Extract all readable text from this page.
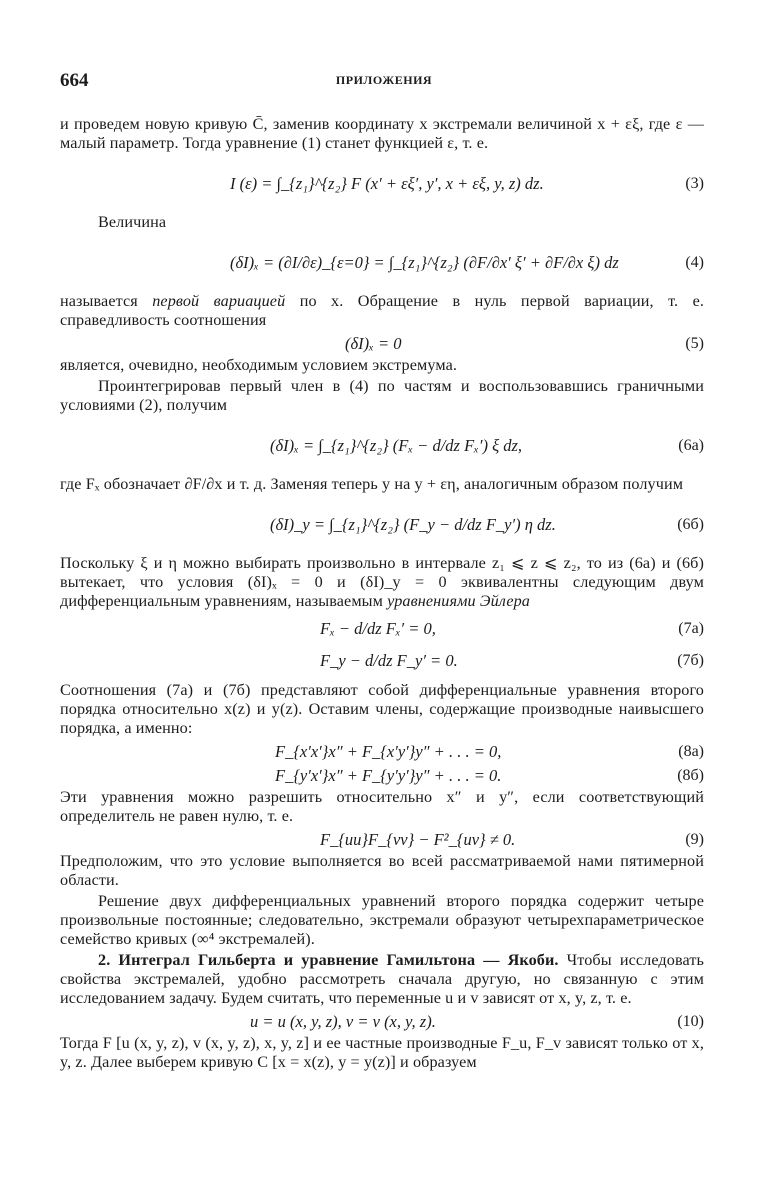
664	ПРИЛОЖЕНИЯ

и проведем новую кривую C̄, заменив координату x экстремали величиной x + εξ, где ε — малый параметр. Тогда уравнение (1) станет функцией ε, т. е.

I (ε) = ∫_{z₁}^{z₂} F (x′ + εξ′, y′, x + εξ, y, z) dz.	(3)

Величина

(δI)ₓ = (∂I/∂ε)_{ε=0} = ∫_{z₁}^{z₂} (∂F/∂x′ ξ′ + ∂F/∂x ξ) dz	(4)

называется первой вариацией по x. Обращение в нуль первой вариации, т. е. справедливость соотношения

(δI)ₓ = 0	(5)

является, очевидно, необходимым условием экстремума.

Проинтегрировав первый член в (4) по частям и воспользовавшись граничными условиями (2), получим

(δI)ₓ = ∫_{z₁}^{z₂} (Fₓ − d/dz Fₓ′) ξ dz,	(6a)

где Fₓ обозначает ∂F/∂x и т. д. Заменяя теперь y на y + εη, аналогичным образом получим

(δI)_y = ∫_{z₁}^{z₂} (F_y − d/dz F_y′) η dz.	(6б)

Поскольку ξ и η можно выбирать произвольно в интервале z₁ ⩽ z ⩽ z₂, то из (6a) и (6б) вытекает, что условия (δI)ₓ = 0 и (δI)_y = 0 эквивалентны следующим двум дифференциальным уравнениям, называемым уравнениями Эйлера

Fₓ − d/dz Fₓ′ = 0,	(7a)
F_y − d/dz F_y′ = 0.	(7б)

Соотношения (7a) и (7б) представляют собой дифференциальные уравнения второго порядка относительно x(z) и y(z). Оставим члены, содержащие производные наивысшего порядка, а именно:

F_{x′x′}x″ + F_{x′y′}y″ + . . . = 0,	(8a)
F_{y′x′}x″ + F_{y′y′}y″ + . . . = 0.	(8б)

Эти уравнения можно разрешить относительно x″ и y″, если соответствующий определитель не равен нулю, т. е.

F_{uu}F_{vv} − F²_{uv} ≠ 0.	(9)

Предположим, что это условие выполняется во всей рассматриваемой нами пятимерной области.

Решение двух дифференциальных уравнений второго порядка содержит четыре произвольные постоянные; следовательно, экстремали образуют четырехпараметрическое семейство кривых (∞⁴ экстремалей).

2. Интеграл Гильберта и уравнение Гамильтона — Якоби. Чтобы исследовать свойства экстремалей, удобно рассмотреть сначала другую, но связанную с этим исследованием задачу. Будем считать, что переменные u и v зависят от x, y, z, т. е.

u = u (x, y, z), v = v (x, y, z).	(10)

Тогда F [u (x, y, z), v (x, y, z), x, y, z] и ее частные производные F_u, F_v зависят только от x, y, z. Далее выберем кривую C [x = x(z), y = y(z)] и образуем
